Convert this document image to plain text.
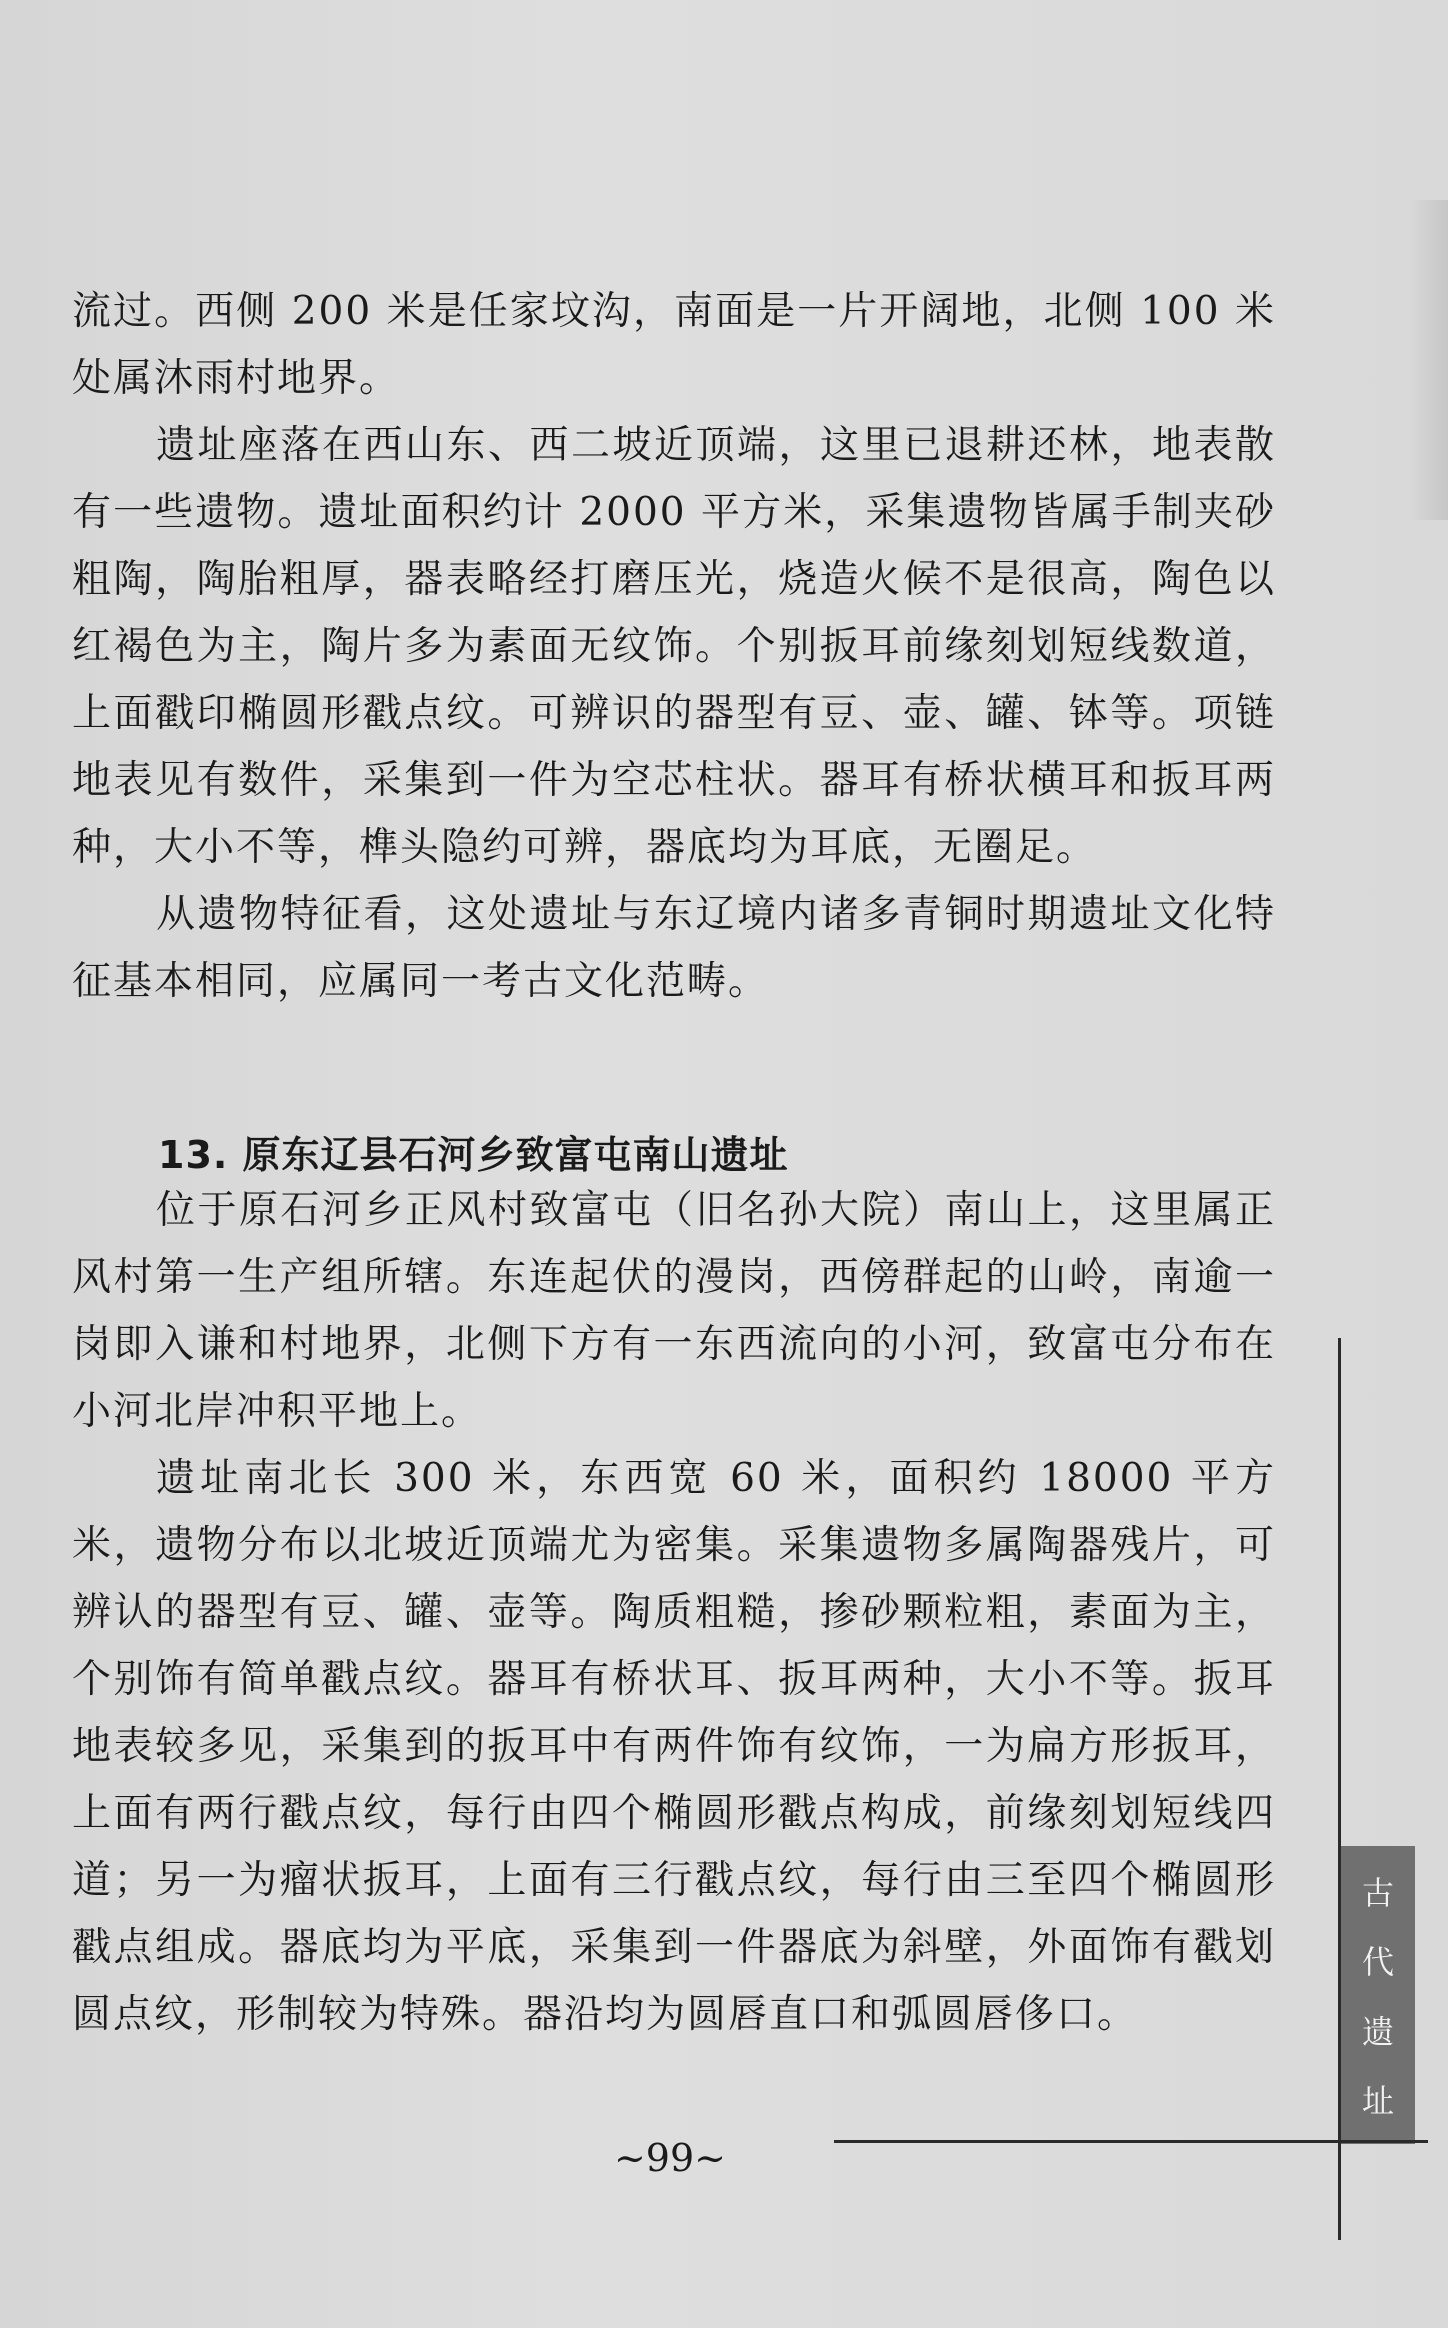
流过。西侧 200 米是任家坟沟，南面是一片开阔地，北侧 100 米处属沐雨村地界。

遗址座落在西山东、西二坡近顶端，这里已退耕还林，地表散有一些遗物。遗址面积约计 2000 平方米，采集遗物皆属手制夹砂粗陶，陶胎粗厚，器表略经打磨压光，烧造火候不是很高，陶色以红褐色为主，陶片多为素面无纹饰。个别扳耳前缘刻划短线数道，上面戳印椭圆形戳点纹。可辨识的器型有豆、壶、罐、钵等。项链地表见有数件，采集到一件为空芯柱状。器耳有桥状横耳和扳耳两种，大小不等，榫头隐约可辨，器底均为耳底，无圈足。

从遗物特征看，这处遗址与东辽境内诸多青铜时期遗址文化特征基本相同，应属同一考古文化范畴。

13. 原东辽县石河乡致富屯南山遗址

位于原石河乡正风村致富屯（旧名孙大院）南山上，这里属正风村第一生产组所辖。东连起伏的漫岗，西傍群起的山岭，南逾一岗即入谦和村地界，北侧下方有一东西流向的小河，致富屯分布在小河北岸冲积平地上。

遗址南北长 300 米，东西宽 60 米，面积约 18000 平方米，遗物分布以北坡近顶端尤为密集。采集遗物多属陶器残片，可辨认的器型有豆、罐、壶等。陶质粗糙，掺砂颗粒粗，素面为主，个别饰有简单戳点纹。器耳有桥状耳、扳耳两种，大小不等。扳耳地表较多见，采集到的扳耳中有两件饰有纹饰，一为扁方形扳耳，上面有两行戳点纹，每行由四个椭圆形戳点构成，前缘刻划短线四道；另一为瘤状扳耳，上面有三行戳点纹，每行由三至四个椭圆形戳点组成。器底均为平底，采集到一件器底为斜壁，外面饰有戳划圆点纹，形制较为特殊。器沿均为圆唇直口和弧圆唇侈口。

古
代
遗
址
~99~
